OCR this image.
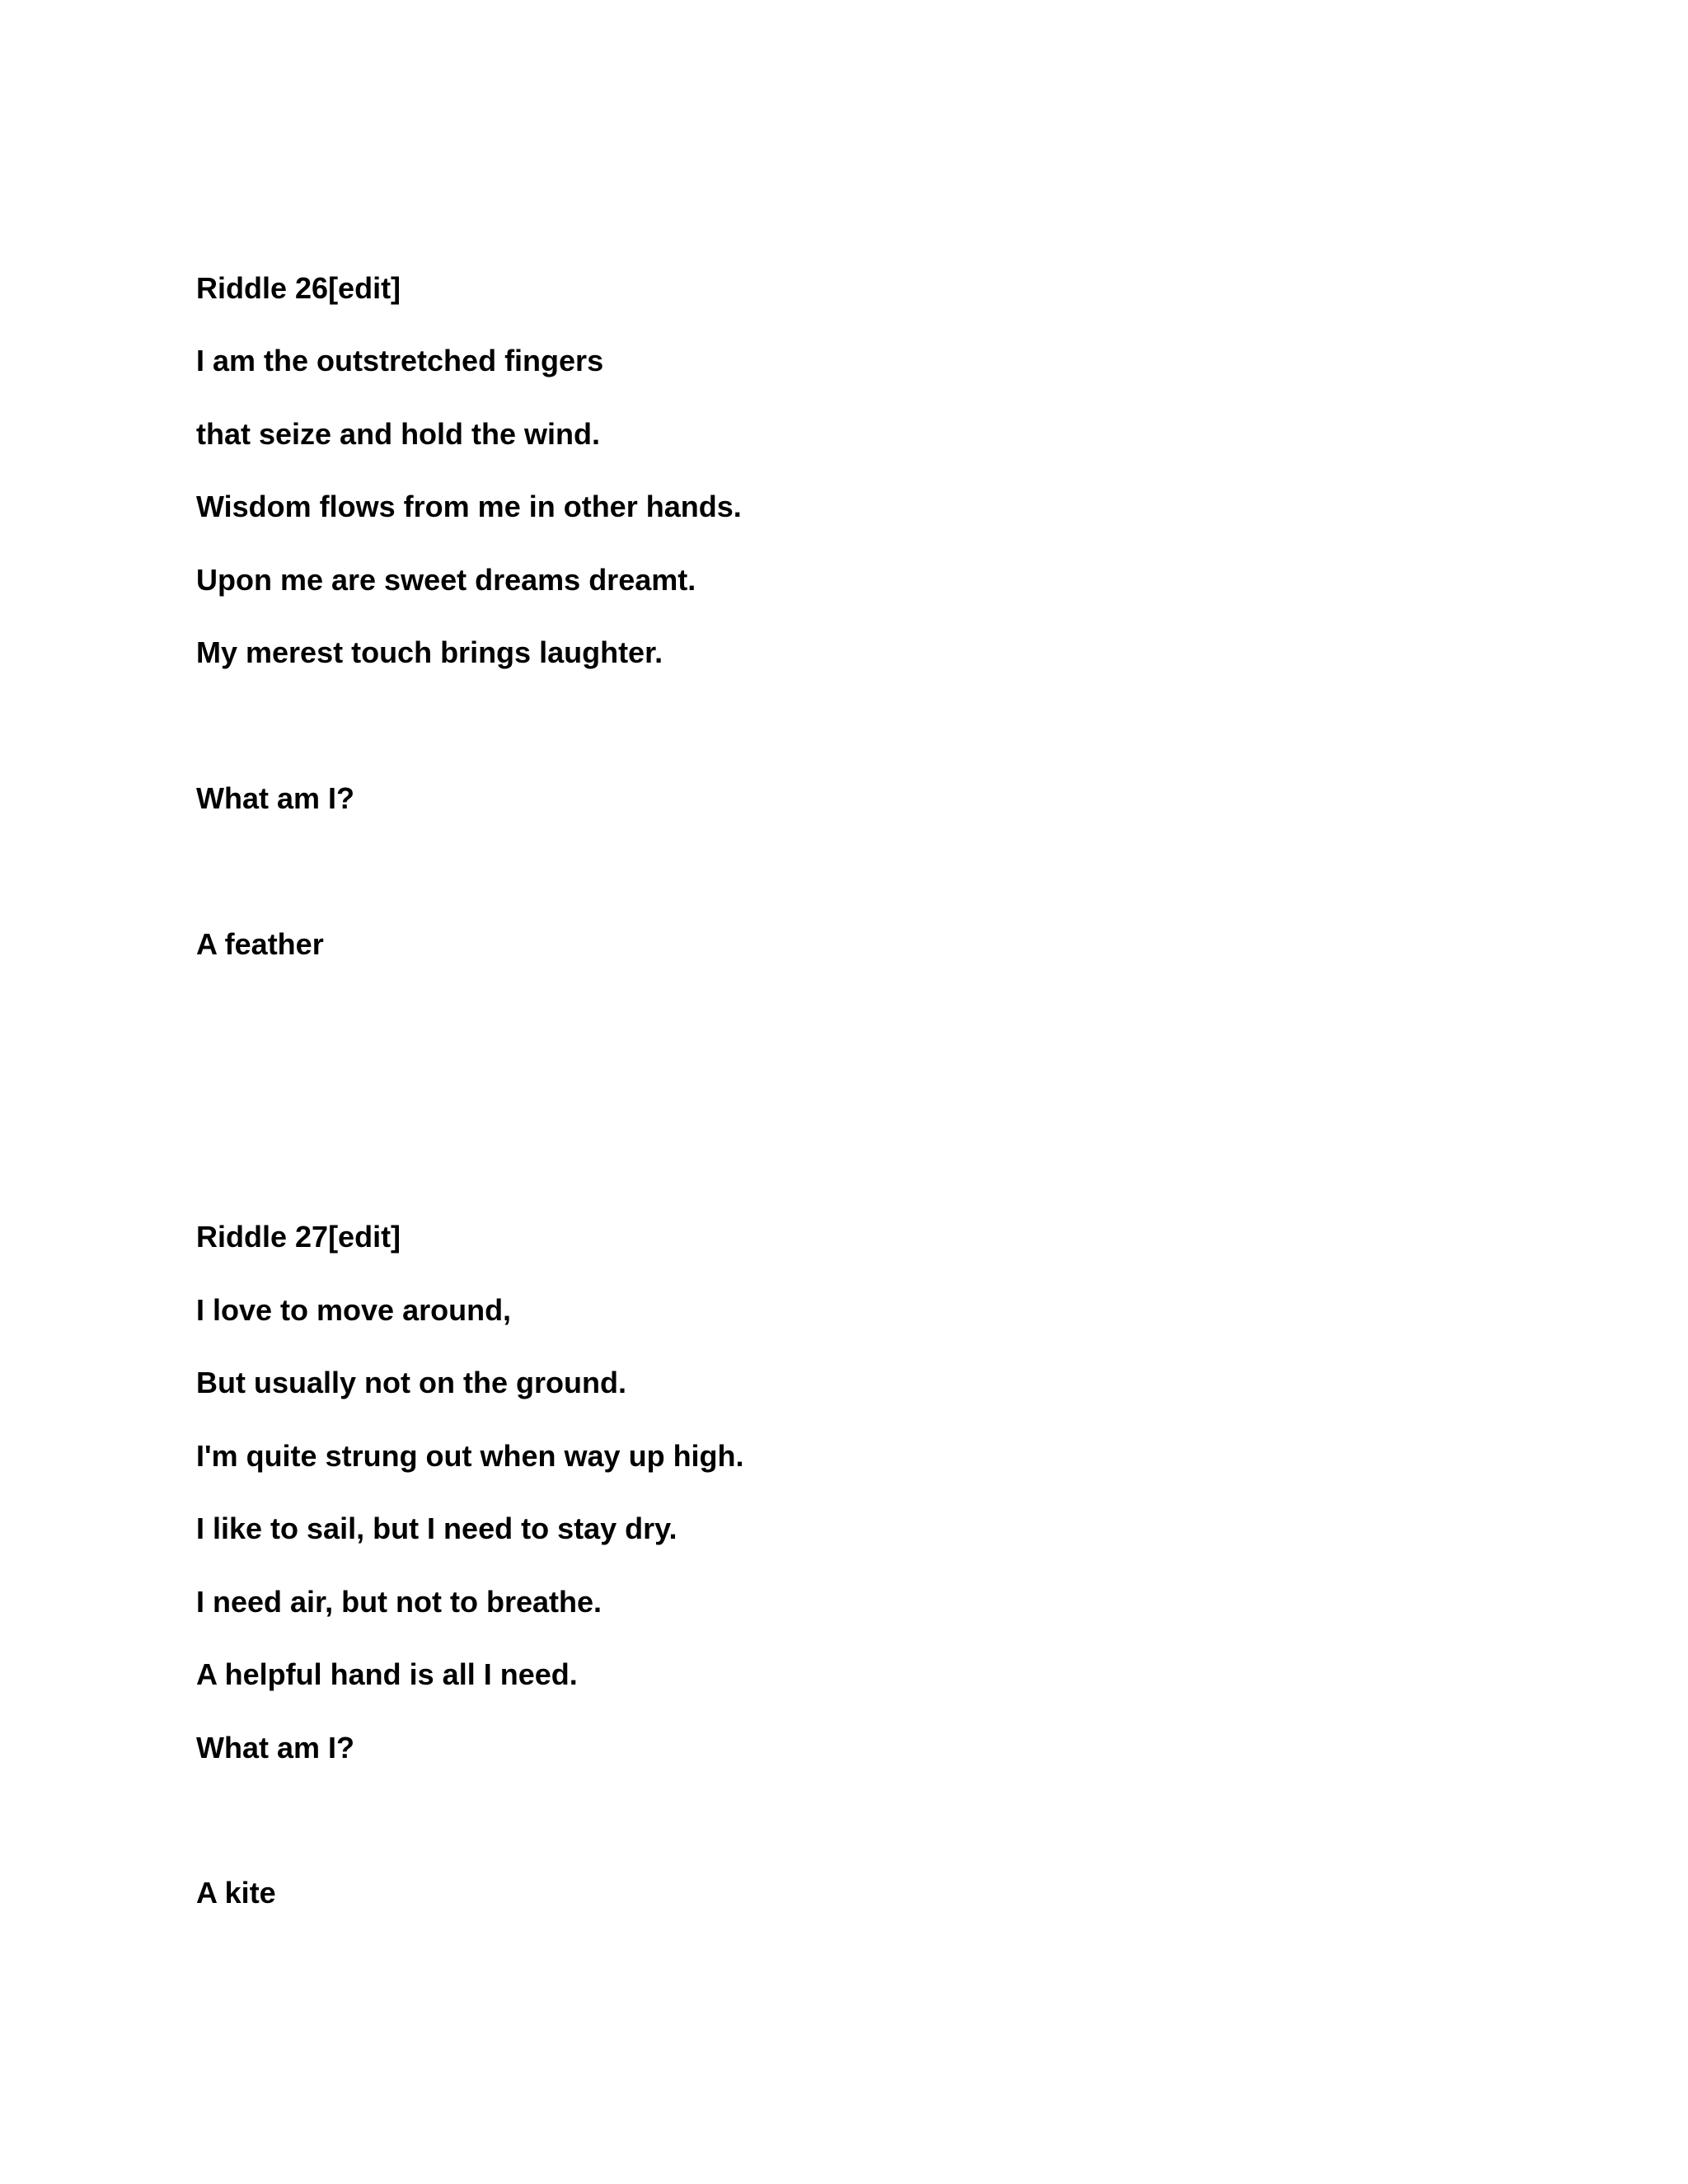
Riddle 26[edit]

I am the outstretched fingers

that seize and hold the wind.

Wisdom flows from me in other hands.

Upon me are sweet dreams dreamt.

My merest touch brings laughter.

What am I?

A feather

Riddle 27[edit]

I love to move around,

But usually not on the ground.

I'm quite strung out when way up high.

I like to sail, but I need to stay dry.

I need air, but not to breathe.

A helpful hand is all I need.

What am I?

A kite
